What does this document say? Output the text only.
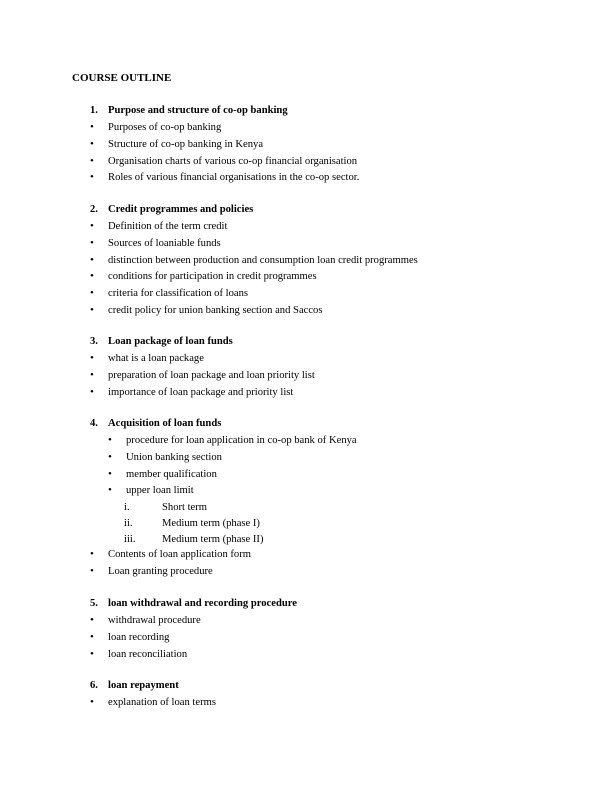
COURSE OUTLINE
1. Purpose and structure of co-op banking
• Purposes of co-op banking
• Structure of co-op banking in Kenya
• Organisation charts of various co-op financial organisation
• Roles of various financial organisations in the co-op sector.
2. Credit programmes and policies
• Definition of the term credit
• Sources of loaniable funds
• distinction between production and consumption loan credit programmes
• conditions for participation in credit programmes
• criteria for classification of loans
• credit policy for union banking section and Saccos
3. Loan package of loan funds
• what is a loan package
• preparation of loan package and loan priority list
• importance of loan package and priority list
4. Acquisition of loan funds
• procedure for loan application in co-op bank of Kenya
• Union banking section
• member qualification
• upper loan limit
i.	Short term
ii.	Medium term (phase I)
iii.	Medium term (phase II)
• Contents of loan application form
• Loan granting procedure
5. loan withdrawal and recording procedure
• withdrawal procedure
• loan recording
• loan reconciliation
6. loan repayment
• explanation of loan terms
